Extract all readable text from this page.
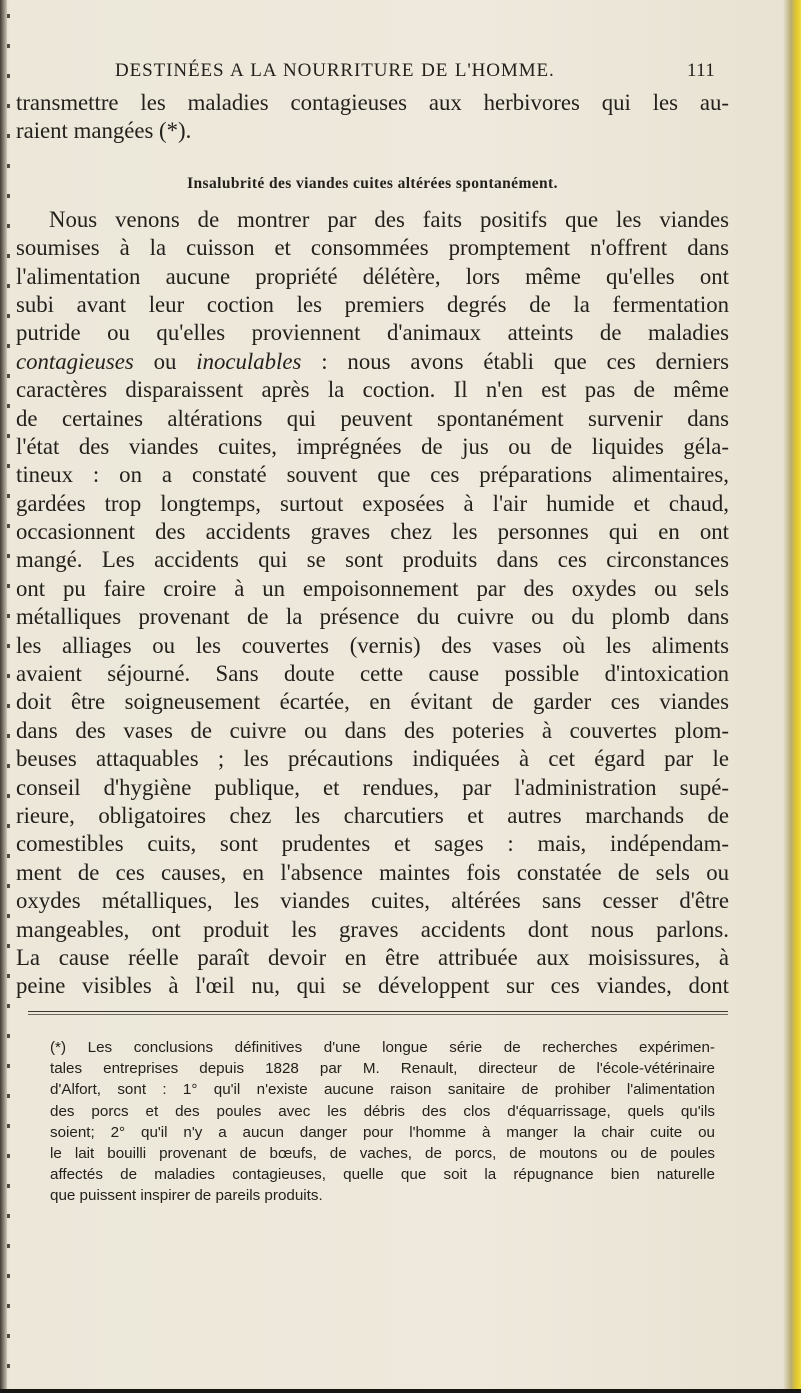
DESTINÉES A LA NOURRITURE DE L'HOMME.	111
transmettre les maladies contagieuses aux herbivores qui les au-
raient mangées (*).
Insalubrité des viandes cuites altérées spontanément.
Nous venons de montrer par des faits positifs que les viandes
soumises à la cuisson et consommées promptement n'offrent dans
l'alimentation aucune propriété délétère, lors même qu'elles ont
subi avant leur coction les premiers degrés de la fermentation
putride ou qu'elles proviennent d'animaux atteints de maladies
contagieuses ou inoculables : nous avons établi que ces derniers
caractères disparaissent après la coction. Il n'en est pas de même
de certaines altérations qui peuvent spontanément survenir dans
l'état des viandes cuites, imprégnées de jus ou de liquides géla-
tineux : on a constaté souvent que ces préparations alimentaires,
gardées trop longtemps, surtout exposées à l'air humide et chaud,
occasionnent des accidents graves chez les personnes qui en ont
mangé. Les accidents qui se sont produits dans ces circonstances
ont pu faire croire à un empoisonnement par des oxydes ou sels
métalliques provenant de la présence du cuivre ou du plomb dans
les alliages ou les couvertes (vernis) des vases où les aliments
avaient séjourné. Sans doute cette cause possible d'intoxication
doit être soigneusement écartée, en évitant de garder ces viandes
dans des vases de cuivre ou dans des poteries à couvertes plom-
beuses attaquables ; les précautions indiquées à cet égard par le
conseil d'hygiène publique, et rendues, par l'administration supé-
rieure, obligatoires chez les charcutiers et autres marchands de
comestibles cuits, sont prudentes et sages : mais, indépendam-
ment de ces causes, en l'absence maintes fois constatée de sels ou
oxydes métalliques, les viandes cuites, altérées sans cesser d'être
mangeables, ont produit les graves accidents dont nous parlons.
La cause réelle paraît devoir en être attribuée aux moisissures, à
peine visibles à l'œil nu, qui se développent sur ces viandes, dont
(*) Les conclusions définitives d'une longue série de recherches expérimen-
tales entreprises depuis 1828 par M. Renault, directeur de l'école-vétérinaire
d'Alfort, sont : 1° qu'il n'existe aucune raison sanitaire de prohiber l'alimentation
des porcs et des poules avec les débris des clos d'équarrissage, quels qu'ils
soient; 2° qu'il n'y a aucun danger pour l'homme à manger la chair cuite ou
le lait bouilli provenant de bœufs, de vaches, de porcs, de moutons ou de poules
affectés de maladies contagieuses, quelle que soit la répugnance bien naturelle
que puissent inspirer de pareils produits.
